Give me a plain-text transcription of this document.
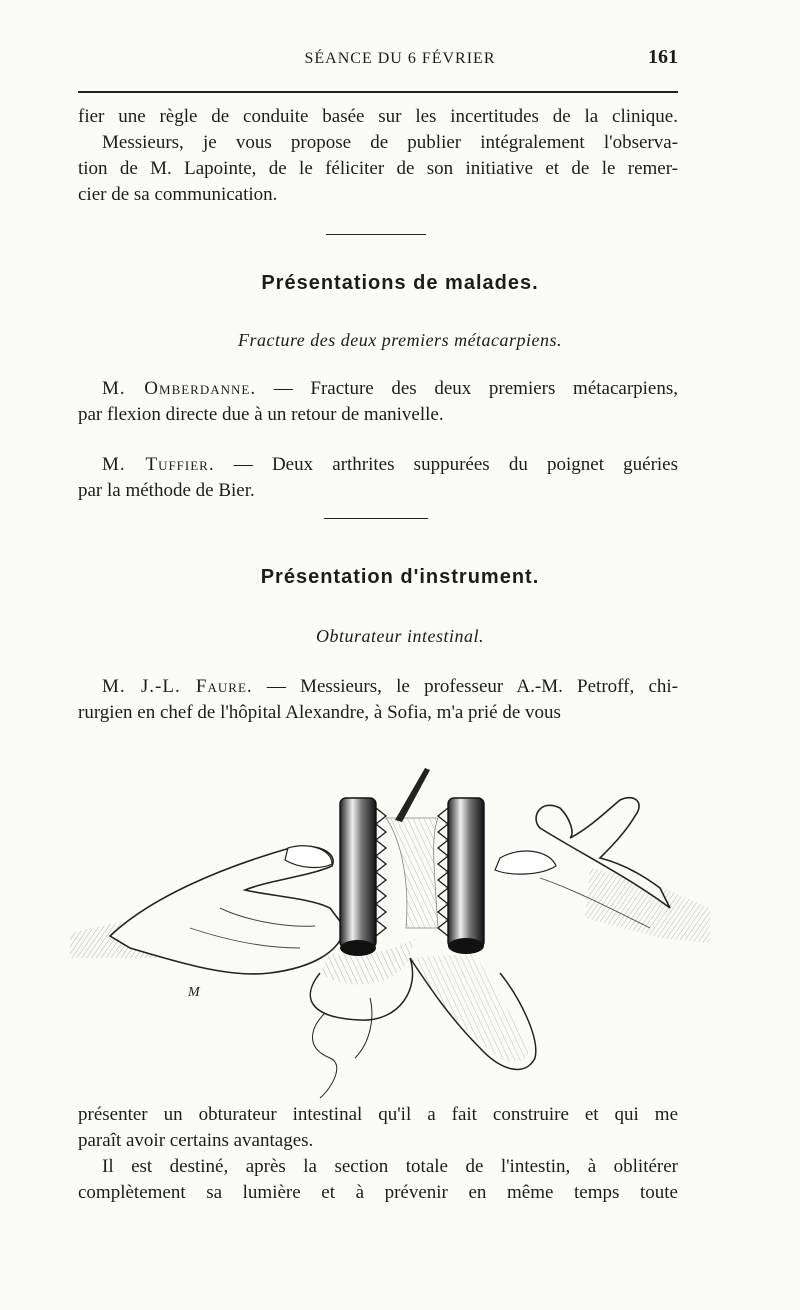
SÉANCE DU 6 FÉVRIER	161
fier une règle de conduite basée sur les incertitudes de la clinique.
Messieurs, je vous propose de publier intégralement l'observa-
tion de M. Lapointe, de le féliciter de son initiative et de le remer-
cier de sa communication.
Présentations de malades.
Fracture des deux premiers métacarpiens.
M. Omberdanne. — Fracture des deux premiers métacarpiens,
par flexion directe due à un retour de manivelle.
M. Tuffier. — Deux arthrites suppurées du poignet guéries
par la méthode de Bier.
Présentation d'instrument.
Obturateur intestinal.
M. J.-L. Faure. — Messieurs, le professeur A.-M. Petroff, chi-
rurgien en chef de l'hôpital Alexandre, à Sofia, m'a prié de vous
M
présenter un obturateur intestinal qu'il a fait construire et qui me
paraît avoir certains avantages.
Il est destiné, après la section totale de l'intestin, à oblitérer
complètement sa lumière et à prévenir en même temps toute
